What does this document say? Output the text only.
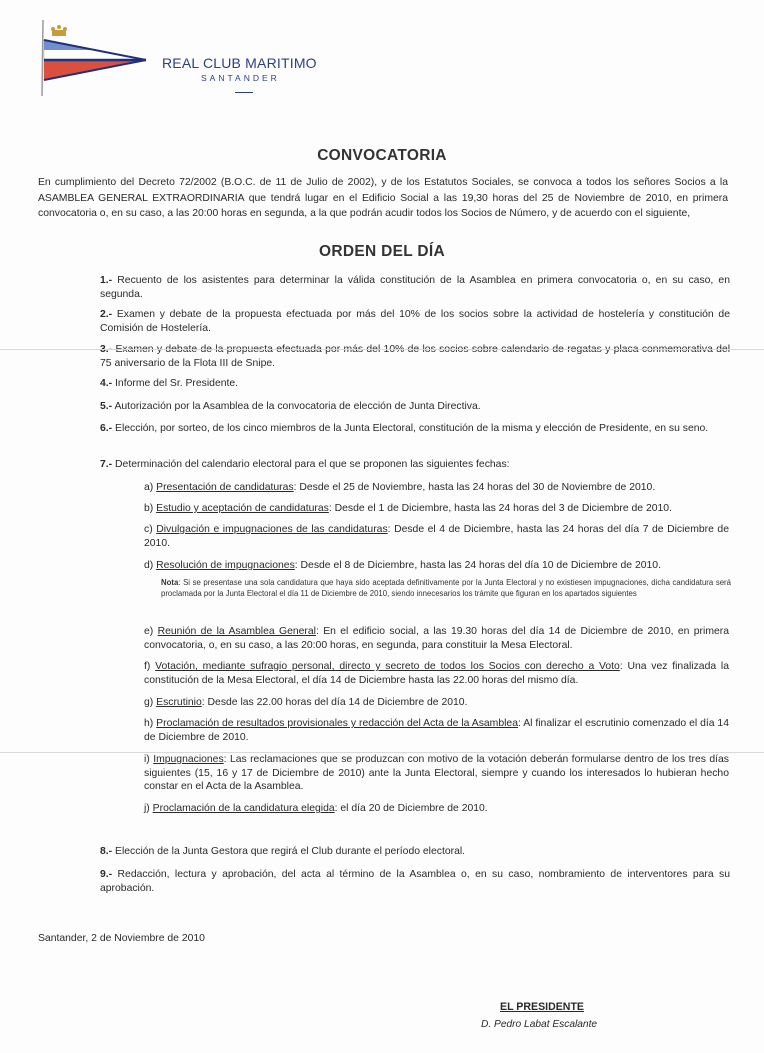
REAL CLUB MARITIMO
SANTANDER
CONVOCATORIA
En cumplimiento del Decreto 72/2002 (B.O.C. de 11 de Julio de 2002), y de los Estatutos Sociales, se convoca a todos los señores Socios a la ASAMBLEA GENERAL EXTRAORDINARIA que tendrá lugar en el Edificio Social a las 19,30 horas del 25 de Noviembre de 2010, en primera convocatoria o, en su caso, a las 20:00 horas en segunda, a la que podrán acudir todos los Socios de Número, y de acuerdo con el siguiente,
ORDEN DEL DÍA
1.- Recuento de los asistentes para determinar la válida constitución de la Asamblea en primera convocatoria o, en su caso, en segunda.
2.- Examen y debate de la propuesta efectuada por más del 10% de los socios sobre la actividad de hostelería y constitución de Comisión de Hostelería.
75 aniversario de la Flota III de Snipe.
4.- Informe del Sr. Presidente.
5.- Autorización por la Asamblea de la convocatoria de elección de Junta Directiva.
6.- Elección, por sorteo, de los cinco miembros de la Junta Electoral, constitución de la misma y elección de Presidente, en su seno.
7.- Determinación del calendario electoral para el que se proponen las siguientes fechas:
a) Presentación de candidaturas: Desde el 25 de Noviembre, hasta las 24 horas del 30 de Noviembre de 2010.
b) Estudio y aceptación de candidaturas: Desde el 1 de Diciembre, hasta las 24 horas del 3 de Diciembre de 2010.
c) Divulgación e impugnaciones de las candidaturas: Desde el 4 de Diciembre, hasta las 24 horas del día 7 de Diciembre de 2010.
d) Resolución de impugnaciones: Desde el 8 de Diciembre, hasta las 24 horas del día 10 de Diciembre de 2010.
Nota: Si se presentase una sola candidatura que haya sido aceptada definitivamente por la Junta Electoral y no existiesen impugnaciones, dicha candidatura será proclamada por la Junta Electoral el día 11 de Diciembre de 2010, siendo innecesarios los trámite que figuran en los apartados siguientes
e) Reunión de la Asamblea General: En el edificio social, a las 19.30 horas del día 14 de Diciembre de 2010, en primera convocatoria, o, en su caso, a las 20:00 horas, en segunda, para constituir la Mesa Electoral.
f) Votación, mediante sufragio personal, directo y secreto de todos los Socios con derecho a Voto: Una vez finalizada la constitución de la Mesa Electoral, el día 14 de Diciembre hasta las 22.00 horas del mismo día.
g) Escrutinio: Desde las 22.00 horas del día 14 de Diciembre de 2010.
h) Proclamación de resultados provisionales y redacción del Acta de la Asamblea: Al finalizar el escrutinio comenzado el día 14 de Diciembre de 2010.
i) Impugnaciones: Las reclamaciones que se produzcan con motivo de la votación deberán formularse dentro de los tres días siguientes (15, 16 y 17 de Diciembre de 2010) ante la Junta Electoral, siempre y cuando los interesados lo hubieran hecho constar en el Acta de la Asamblea.
j) Proclamación de la candidatura elegida: el día 20 de Diciembre de 2010.
8.- Elección de la Junta Gestora que regirá el Club durante el período electoral.
9.- Redacción, lectura y aprobación, del acta al término de la Asamblea o, en su caso, nombramiento de interventores para su aprobación.
Santander, 2 de Noviembre de 2010
EL PRESIDENTE
D. Pedro Labat Escalante
